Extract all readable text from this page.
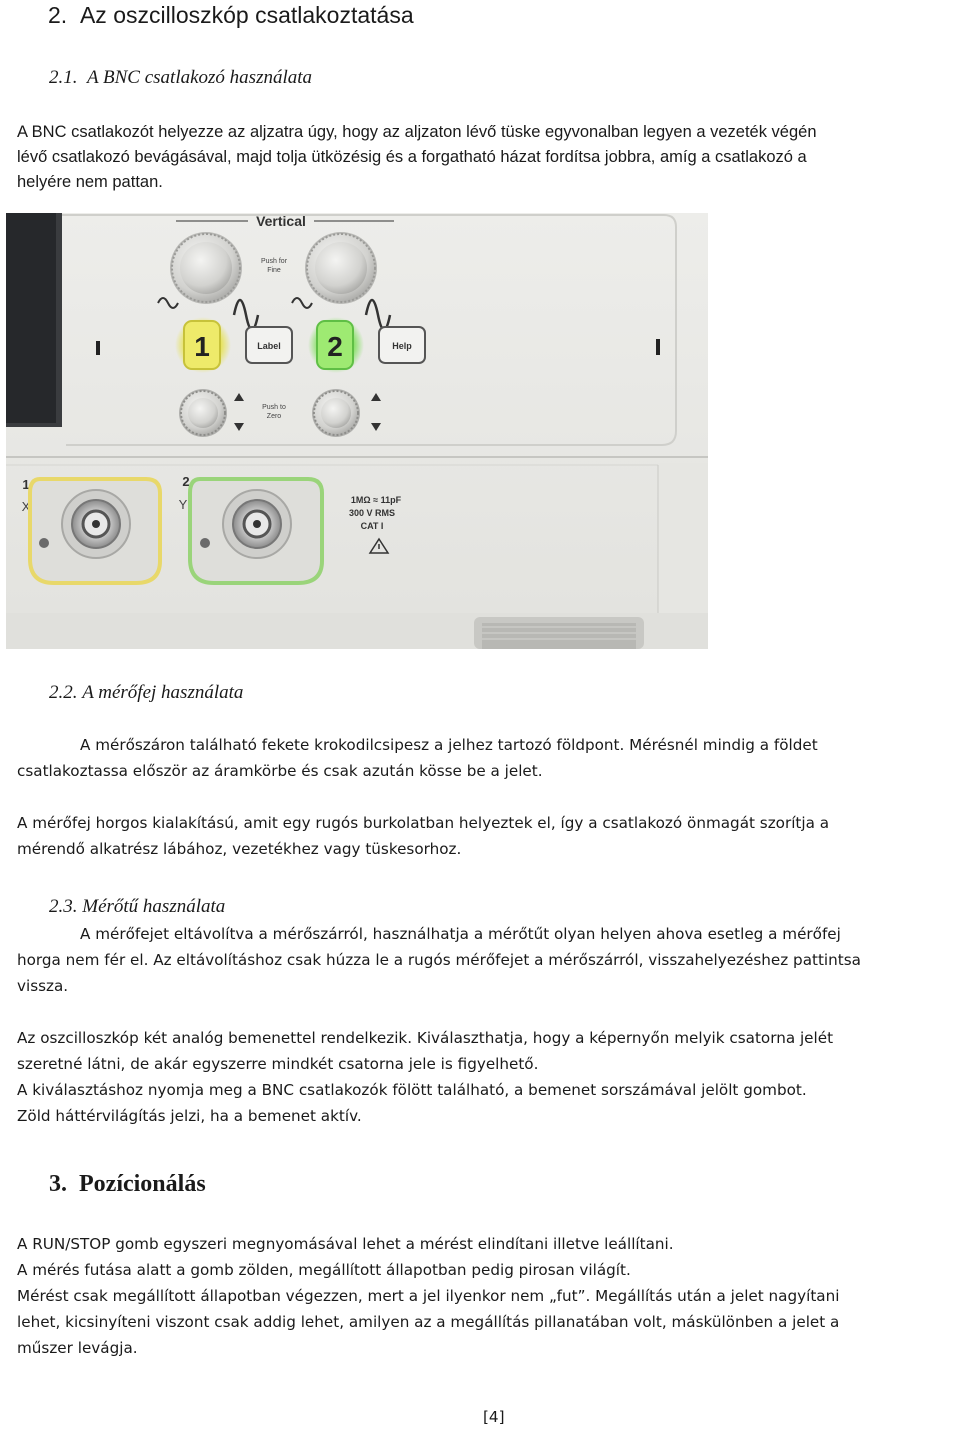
2. Az oszcilloszkóp csatlakoztatása
2.1. A BNC csatlakozó használata
A BNC csatlakozót helyezze az aljzatra úgy, hogy az aljzaton lévő tüske egyvonalban legyen a vezeték végén
lévő csatlakozó bevágásával, majd tolja ütközésig és a forgatható házat fordítsa jobbra, amíg a csatlakozó a
helyére nem pattan.
Vertical
Push for
Fine
1	Label 2	Help
Push to
Zero
1
X
2
Y	1MΩ ≈ 11pF
300 V RMS
CAT I
2.2. A mérőfej használata
A mérőszáron található fekete krokodilcsipesz a jelhez tartozó földpont. Mérésnél mindig a földet
csatlakoztassa először az áramkörbe és csak azután kösse be a jelet.
A mérőfej horgos kialakítású, amit egy rugós burkolatban helyeztek el, így a csatlakozó önmagát szorítja a
mérendő alkatrész lábához, vezetékhez vagy tüskesorhoz.
2.3. Mérőtű használata
A mérőfejet eltávolítva a mérőszárról, használhatja a mérőtűt olyan helyen ahova esetleg a mérőfej
horga nem fér el. Az eltávolításhoz csak húzza le a rugós mérőfejet a mérőszárról, visszahelyezéshez pattintsa
vissza.
Az oszcilloszkóp két analóg bemenettel rendelkezik. Kiválaszthatja, hogy a képernyőn melyik csatorna jelét
szeretné látni, de akár egyszerre mindkét csatorna jele is figyelhető.
A kiválasztáshoz nyomja meg a BNC csatlakozók fölött található, a bemenet sorszámával jelölt gombot.
Zöld háttérvilágítás jelzi, ha a bemenet aktív.
3. Pozícionálás
A RUN/STOP gomb egyszeri megnyomásával lehet a mérést elindítani illetve leállítani.
A mérés futása alatt a gomb zölden, megállított állapotban pedig pirosan világít.
Mérést csak megállított állapotban végezzen, mert a jel ilyenkor nem „fut”. Megállítás után a jelet nagyítani
lehet, kicsinyíteni viszont csak addig lehet, amilyen az a megállítás pillanatában volt, máskülönben a jelet a
műszer levágja.
[4]
